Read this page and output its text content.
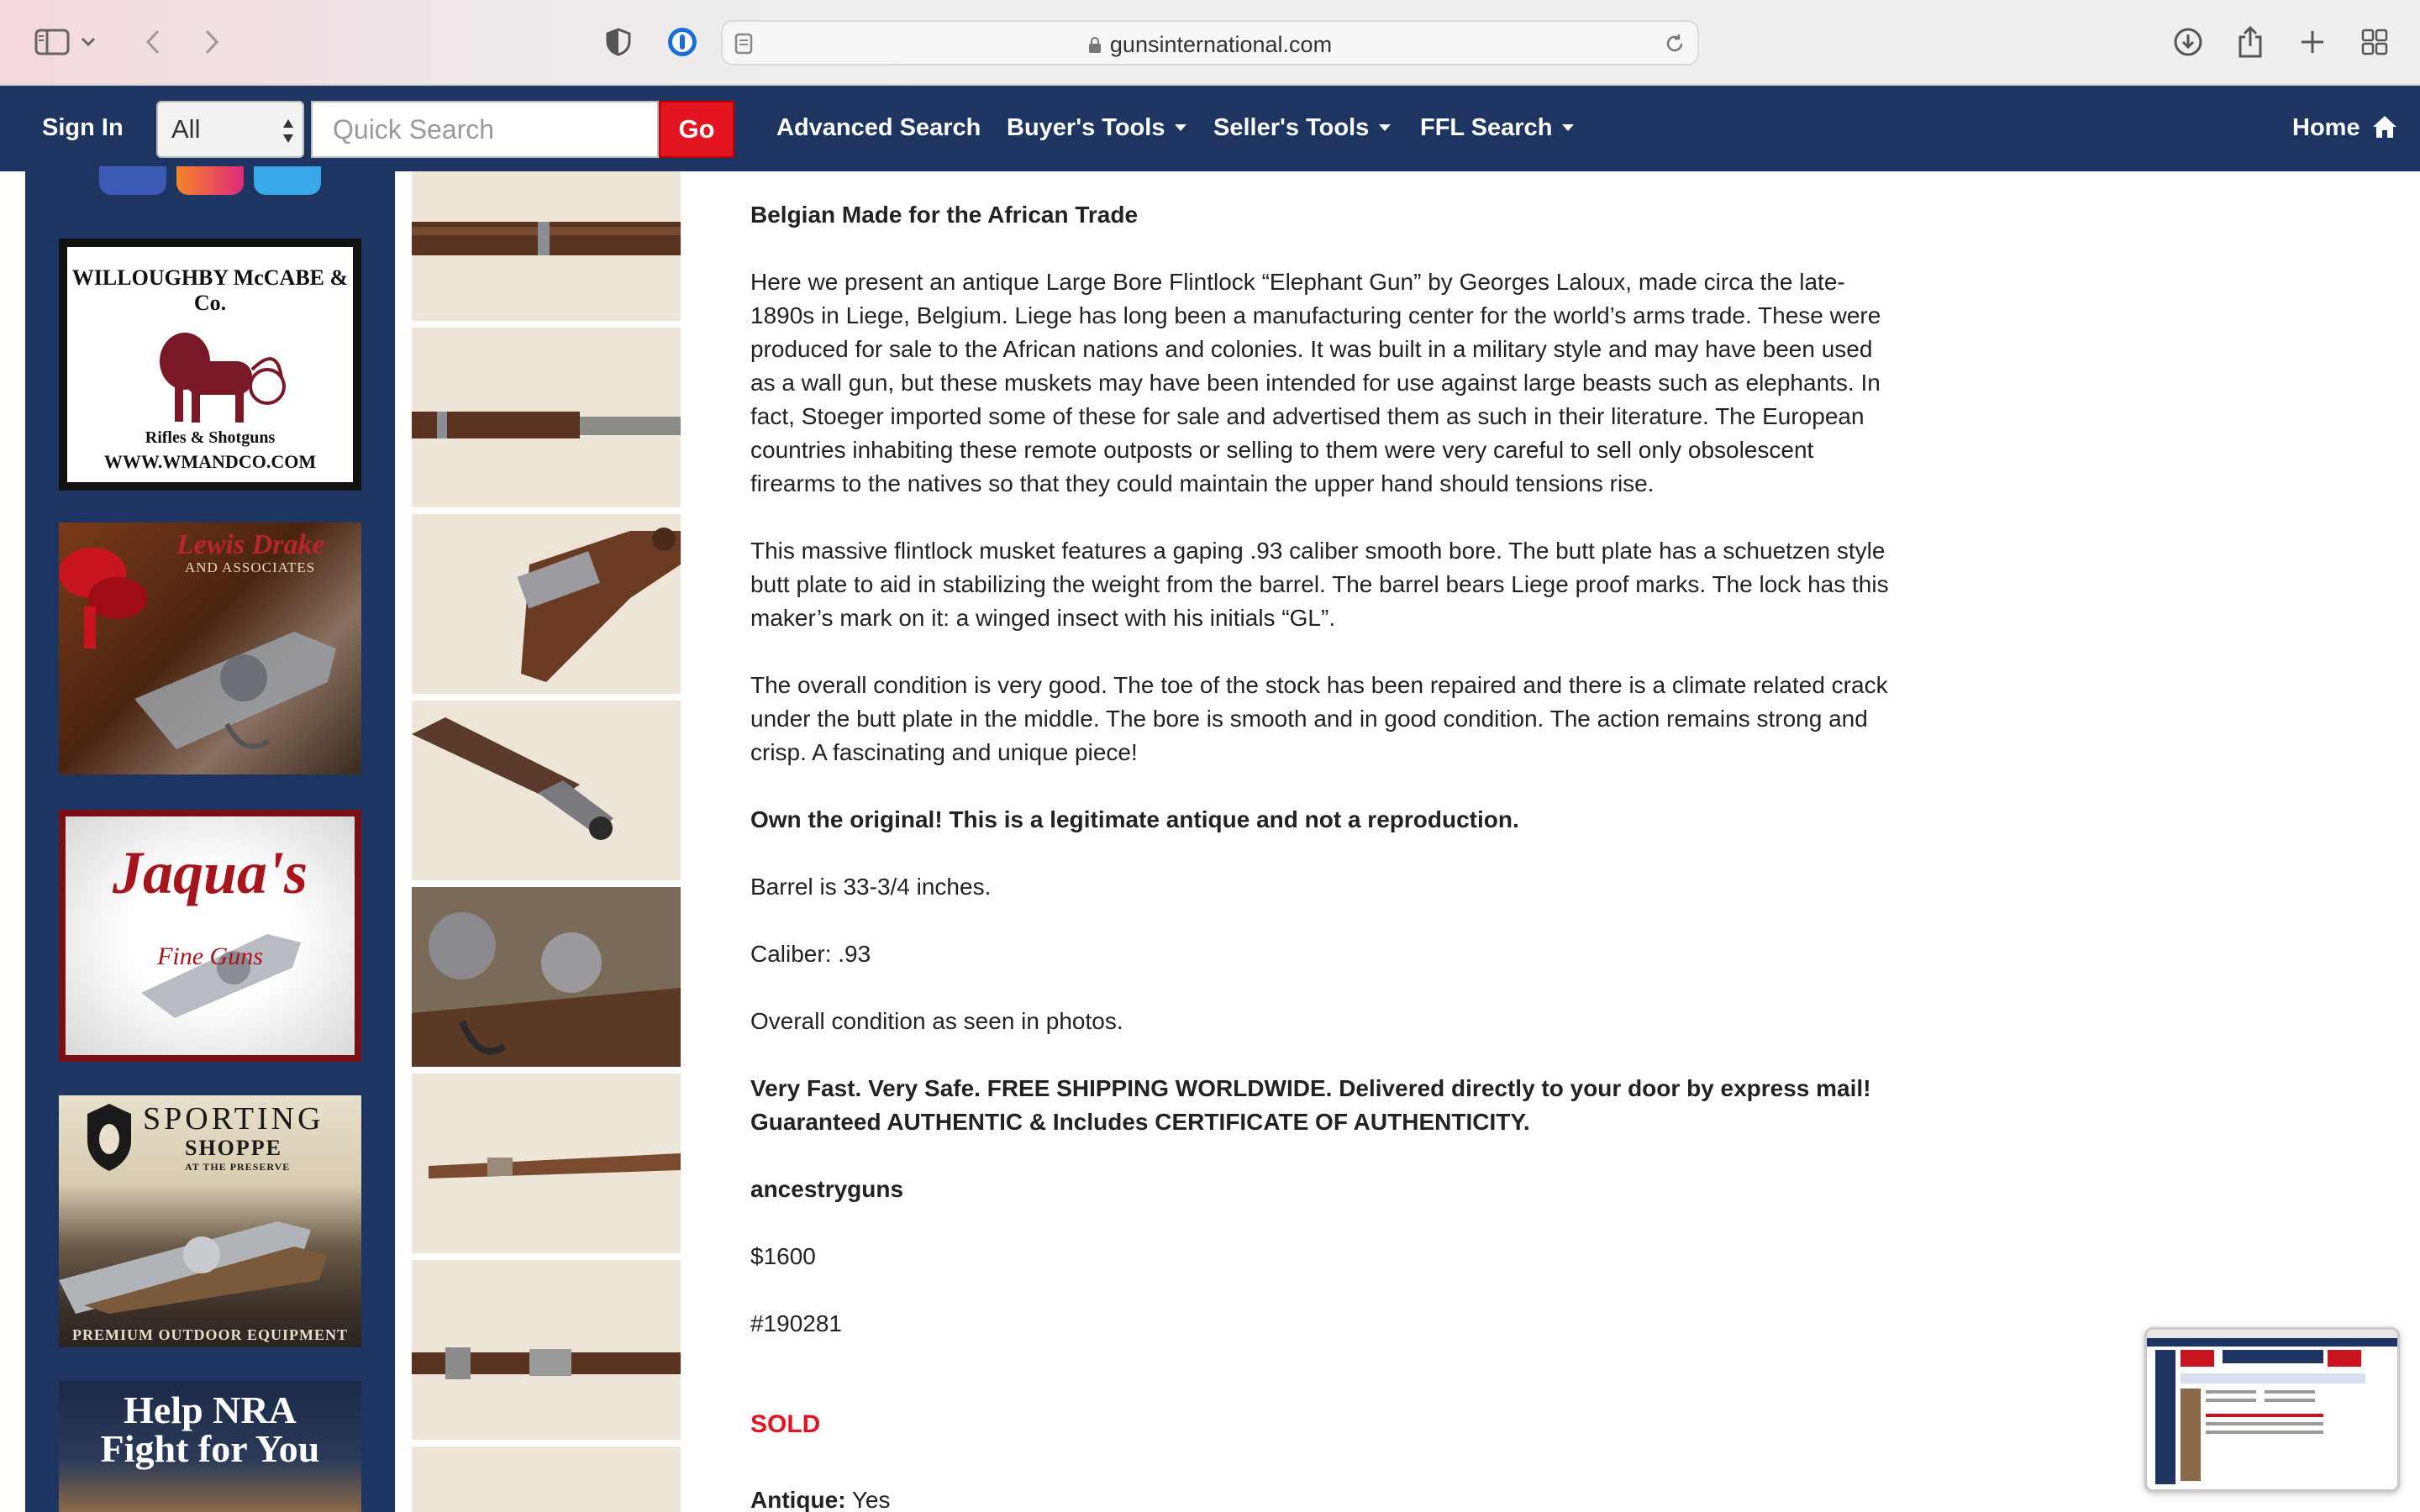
gunsinternational.com
Sign In	All
Quick Search	Go	Advanced Search Buyer's Tools	Seller's Tools	FFL Search	Home
WILLOUGHBY McCABE & Co.
Rifles & Shotguns
WWW.WMANDCO.COM
Lewis Drake
AND ASSOCIATES
Jaqua's
Fine Guns
SPORTING
SHOPPE
AT THE PRESERVE
PREMIUM OUTDOOR EQUIPMENT
Help NRA
Fight for You

Belgian Made for the African Trade

Here we present an antique Large Bore Flintlock “Elephant Gun” by Georges Laloux, made circa the late-1890s in Liege, Belgium. Liege has long been a manufacturing center for the world’s arms trade. These were produced for sale to the African nations and colonies. It was built in a military style and may have been used as a wall gun, but these muskets may have been intended for use against large beasts such as elephants. In fact, Stoeger imported some of these for sale and advertised them as such in their literature. The European countries inhabiting these remote outposts or selling to them were very careful to sell only obsolescent firearms to the natives so that they could maintain the upper hand should tensions rise.

This massive flintlock musket features a gaping .93 caliber smooth bore. The butt plate has a schuetzen style butt plate to aid in stabilizing the weight from the barrel. The barrel bears Liege proof marks. The lock has this maker’s mark on it: a winged insect with his initials “GL”.

The overall condition is very good. The toe of the stock has been repaired and there is a climate related crack under the butt plate in the middle. The bore is smooth and in good condition. The action remains strong and crisp. A fascinating and unique piece!

Own the original! This is a legitimate antique and not a reproduction.

Barrel is 33-3/4 inches.

Caliber: .93

Overall condition as seen in photos.

Very Fast. Very Safe. FREE SHIPPING WORLDWIDE. Delivered directly to your door by express mail!
Guaranteed AUTHENTIC & Includes CERTIFICATE OF AUTHENTICITY.

ancestryguns

$1600

#190281

SOLD

Antique: Yes
